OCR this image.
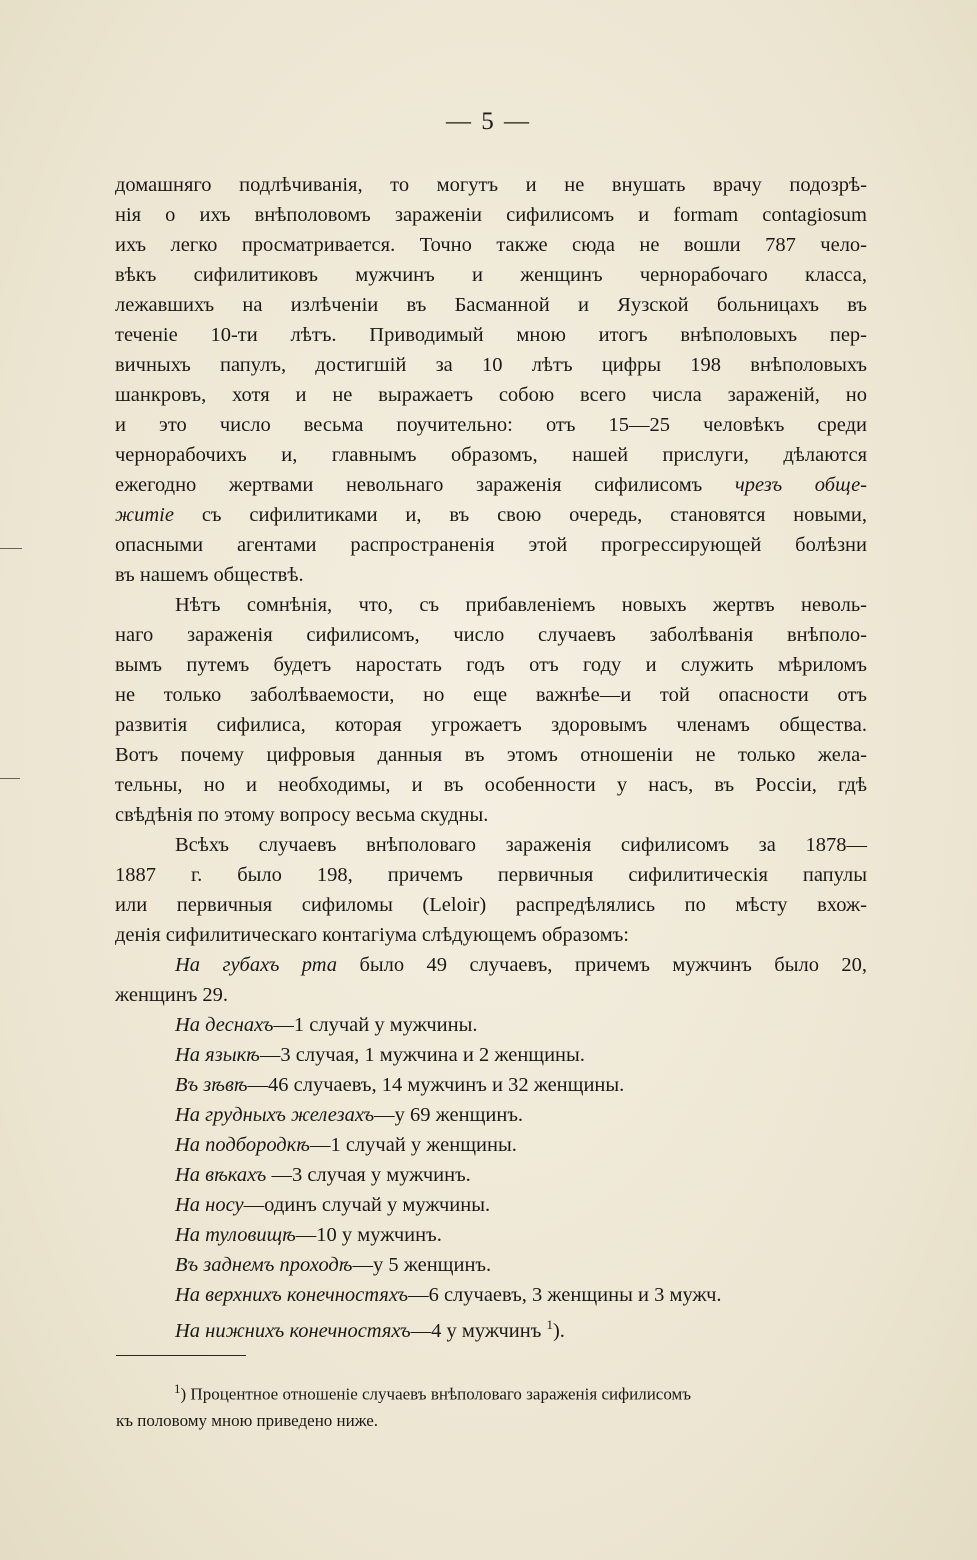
— 5 —

домашняго подлѣчиванія, то могутъ и не внушать врачу подозрѣ-
нія о ихъ внѣполовомъ зараженіи сифилисомъ и formam contagiosum
ихъ легко просматривается. Точно также сюда не вошли 787 чело-
вѣкъ сифилитиковъ мужчинъ и женщинъ чернорабочаго класса,
лежавшихъ на излѣченіи въ Басманной и Яузской больницахъ въ
теченіе 10-ти лѣтъ. Приводимый мною итогъ внѣполовыхъ пер-
вичныхъ папулъ, достигшій за 10 лѣтъ цифры 198 внѣполовыхъ
шанкровъ, хотя и не выражаетъ собою всего числа зараженій, но
и это число весьма поучительно: отъ 15—25 человѣкъ среди
чернорабочихъ и, главнымъ образомъ, нашей прислуги, дѣлаются
ежегодно жертвами невольнаго зараженія сифилисомъ чрезъ обще-
житіе съ сифилитиками и, въ свою очередь, становятся новыми,
опасными агентами распространенія этой прогрессирующей болѣзни
въ нашемъ обществѣ.

Нѣтъ сомнѣнія, что, съ прибавленіемъ новыхъ жертвъ неволь-
наго зараженія сифилисомъ, число случаевъ заболѣванія внѣполо-
вымъ путемъ будетъ наростать годъ отъ году и служить мѣриломъ
не только заболѣваемости, но еще важнѣе—и той опасности отъ
развитія сифилиса, которая угрожаетъ здоровымъ членамъ общества.
Вотъ почему цифровыя данныя въ этомъ отношеніи не только жела-
тельны, но и необходимы, и въ особенности у насъ, въ Россіи, гдѣ
свѣдѣнія по этому вопросу весьма скудны.

Всѣхъ случаевъ внѣполоваго зараженія сифилисомъ за 1878—
1887 г. было 198, причемъ первичныя сифилитическія папулы
или первичныя сифиломы (Leloir) распредѣлялись по мѣсту вхож-
денія сифилитическаго контагіума слѣдующемъ образомъ:

На губахъ рта было 49 случаевъ, причемъ мужчинъ было 20,
женщинъ 29.

На деснахъ—1 случай у мужчины.
На языкѣ—3 случая, 1 мужчина и 2 женщины.
Въ зѣвѣ—46 случаевъ, 14 мужчинъ и 32 женщины.
На грудныхъ железахъ—у 69 женщинъ.
На подбородкѣ—1 случай у женщины.
На вѣкахъ —3 случая у мужчинъ.
На носу—одинъ случай у мужчины.
На туловищѣ—10 у мужчинъ.
Въ заднемъ проходѣ—у 5 женщинъ.
На верхнихъ конечностяхъ—6 случаевъ, 3 женщины и 3 мужч.
На нижнихъ конечностяхъ—4 у мужчинъ $^1$).
$^1$) Процентное отношеніе случаевъ внѣполоваго зараженія сифилисомъ
къ половому мною приведено ниже.
